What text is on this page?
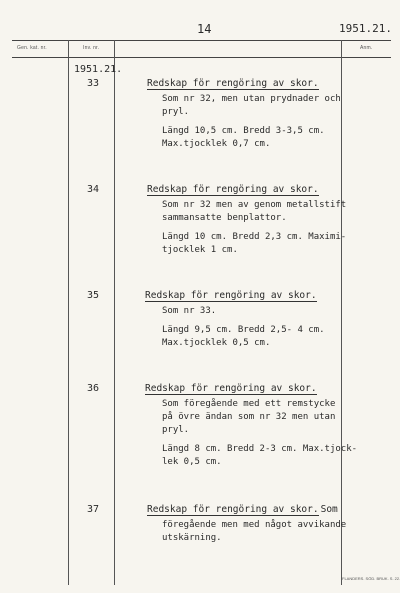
14	1951.21.
Gen. kat. nr.	Inv. nr.	Anm.
1951.21.
33	Redskap för rengöring av skor.
Som nr 32, men utan prydnader och
pryl.
Längd 10,5 cm. Bredd 3-3,5 cm.
Max.tjocklek 0,7 cm.
34	Redskap för rengöring av skor.
Som nr 32 men av genom metallstift
sammansatte benplattor.
Längd 10 cm. Bredd 2,3 cm. Maximi-
tjocklek 1 cm.
35	Redskap för rengöring av skor.
Som nr 33.
Längd 9,5 cm. Bredd 2,5- 4 cm.
Max.tjocklek 0,5 cm.
36	Redskap för rengöring av skor.
Som föregående med ett remstycke
på övre ändan som nr 32 men utan
pryl.
Längd 8 cm. Bredd 2-3 cm. Max.tjock-
lek 0,5 cm.
37	Redskap för rengöring av skor. Som
föregående men med något avvikande
utskärning.
FLANDERS. SÖD. BRUK. S. 22.
